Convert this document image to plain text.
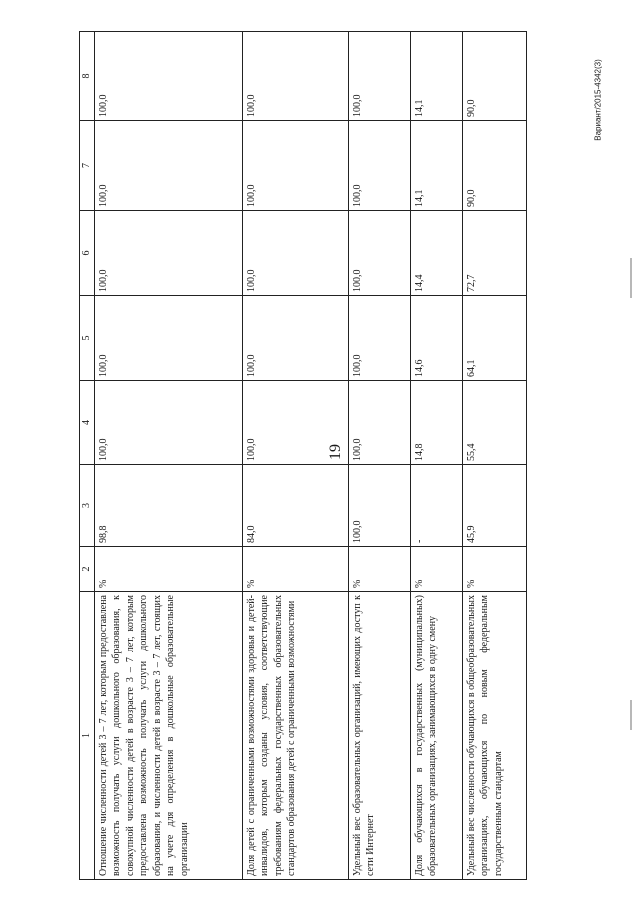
19
Вариант/2015-4342(3)
1	2	3	4	5	6	7	8
Отношение численности детей 3 – 7 лет, которым предоставлена возможность получать услуги дошкольного образования, к совокупной численности детей в возрасте 3 – 7 лет, которым предоставлена возможность получать услуги дошкольного образования, и численности детей в возрасте 3 – 7 лет, стоящих на учете для определения в дошкольные образовательные организации	%	98,8	100,0	100,0	100,0	100,0	100,0
Доля детей с ограниченными возможностями здоровья и детей-инвалидов, которым созданы условия, соответствующие требованиям федеральных государственных образовательных стандартов образования детей с ограниченными возможностями	%	84,0	100,0	100,0	100,0	100,0	100,0
Удельный вес образовательных организаций, имеющих доступ к сети Интернет	%	100,0	100,0	100,0	100,0	100,0	100,0
Доля обучающихся в государственных (муниципальных) образовательных организациях, занимающихся в одну смену	%	-	14,8	14,6	14,4	14,1	14,1
Удельный вес численности обучающихся в общеобразовательных организациях, обучающихся по новым федеральным государственным стандартам	%	45,9	55,4	64,1	72,7	90,0	90,0
